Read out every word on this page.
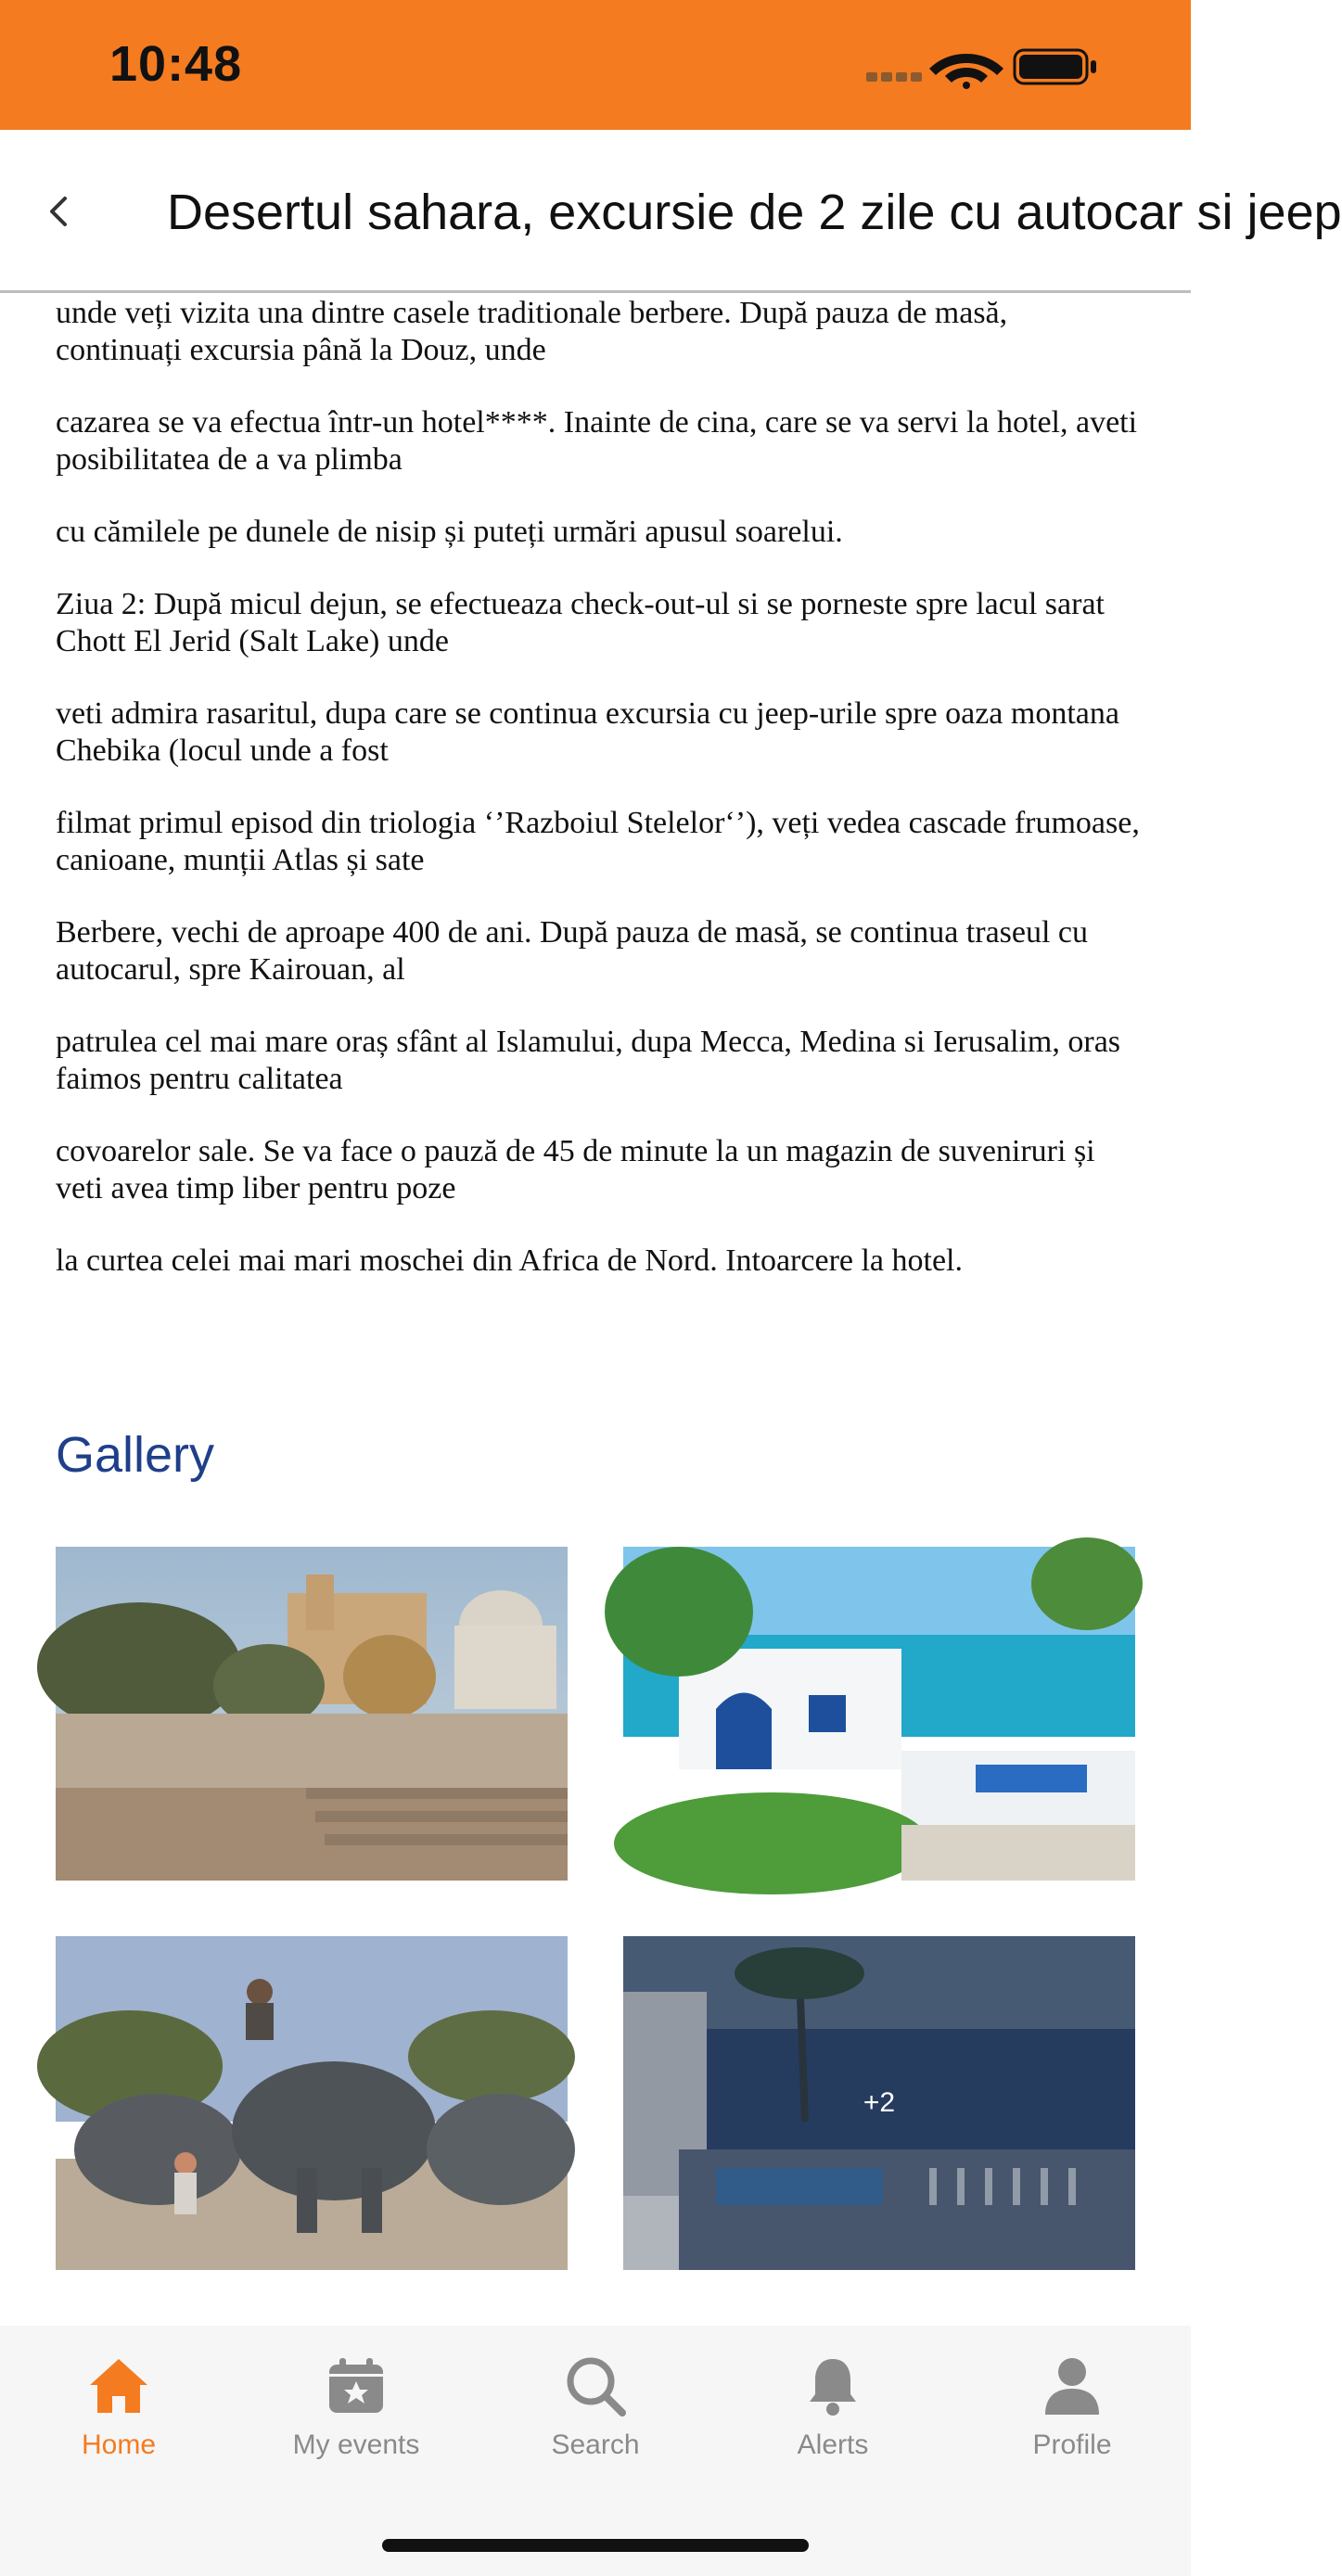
10:48
Desertul sahara, excursie de 2 zile cu autocar si jeep

unde veți vizita una dintre casele traditionale berbere. După pauza de masă, continuați excursia până la Douz, unde

cazarea se va efectua într-un hotel****. Inainte de cina, care se va servi la hotel, aveti posibilitatea de a va plimba

cu cămilele pe dunele de nisip și puteți urmări apusul soarelui.

Ziua 2: După micul dejun, se efectueaza check-out-ul si se porneste spre lacul sarat Chott El Jerid (Salt Lake) unde

veti admira rasaritul, dupa care se continua excursia cu jeep-urile spre oaza montana Chebika (locul unde a fost

filmat primul episod din triologia ‘’Razboiul Stelelor‘’), veți vedea cascade frumoase, canioane, munții Atlas și sate

Berbere, vechi de aproape 400 de ani. După pauza de masă, se continua traseul cu autocarul, spre Kairouan, al

patrulea cel mai mare oraș sfânt al Islamului, dupa Mecca, Medina si Ierusalim, oras faimos pentru calitatea

covoarelor sale. Se va face o pauză de 45 de minute la un magazin de suveniruri și veti avea timp liber pentru poze

la curtea celei mai mari moschei din Africa de Nord. Intoarcere la hotel.

Gallery
+2
Home	My events	Search	Alerts	Profile
